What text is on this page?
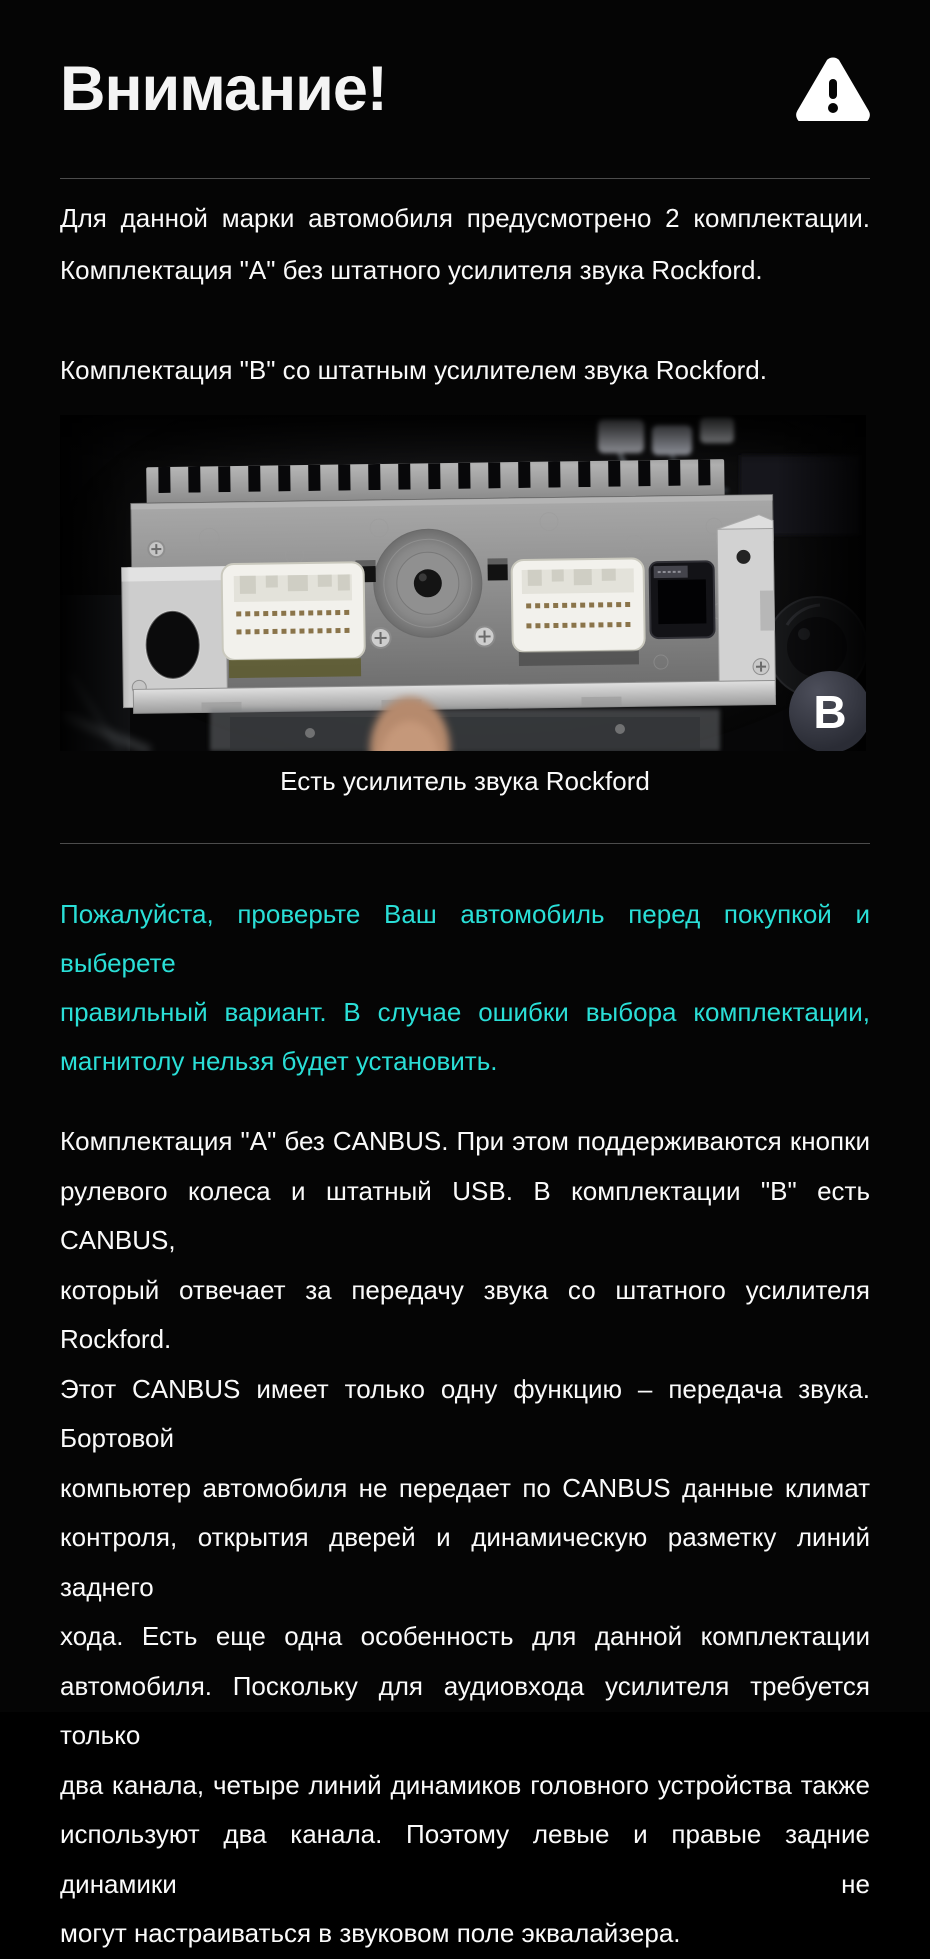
Внимание!
Для данной марки автомобиля предусмотрено 2 комплектации.
Комплектация "A" без штатного усилителя звука Rockford.
Комплектация "B" со штатным усилителем звука Rockford.
B
Есть усилитель звука Rockford
Пожалуйста, проверьте Ваш автомобиль перед покупкой и выберете
правильный вариант. В случае ошибки выбора комплектации,
магнитолу нельзя будет установить.
Комплектация "A" без CANBUS. При этом поддерживаются кнопки
рулевого колеса и штатный USB. В комплектации "B" есть CANBUS,
который отвечает за передачу звука со штатного усилителя Rockford.
Этот CANBUS имеет только одну функцию – передача звука. Бортовой
компьютер автомобиля не передает по CANBUS данные климат
контроля, открытия дверей и динамическую разметку линий заднего
хода. Есть еще одна особенность для данной комплектации
автомобиля. Поскольку для аудиовхода усилителя требуется только
два канала, четыре линий динамиков головного устройства также
используют два канала. Поэтому левые и правые задние динамики не
могут настраиваться в звуковом поле эквалайзера.
